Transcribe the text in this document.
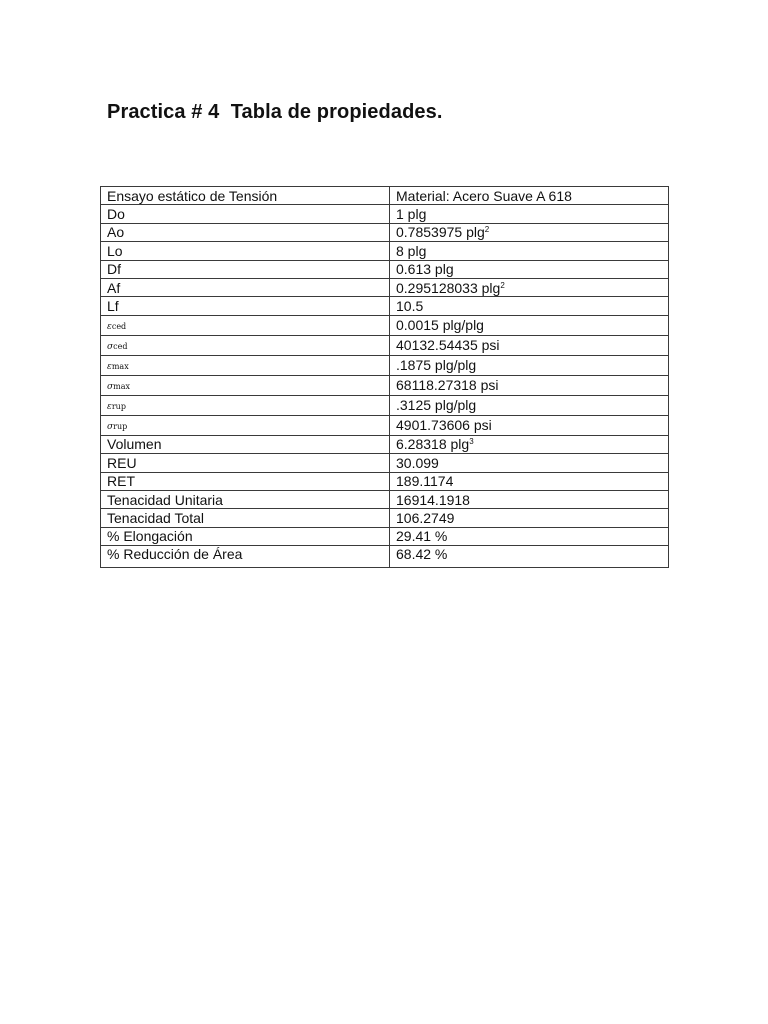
Practica # 4  Tabla de propiedades.
Ensayo estático de Tensión	Material: Acero Suave A 618
Do	1 plg
Ao	0.7853975 plg$^2$
Lo	8 plg
Df	0.613 plg
Af	0.295128033 plg$^2$
Lf	10.5
εced	0.0015 plg/plg
σced	40132.54435 psi
εmax	.1875 plg/plg
σmax	68118.27318 psi
εrup	.3125 plg/plg
σrup	4901.73606 psi
Volumen	6.28318 plg$^3$
REU	30.099
RET	189.1174
Tenacidad Unitaria	16914.1918
Tenacidad Total	106.2749
% Elongación	29.41 %
% Reducción de Área	68.42 %
